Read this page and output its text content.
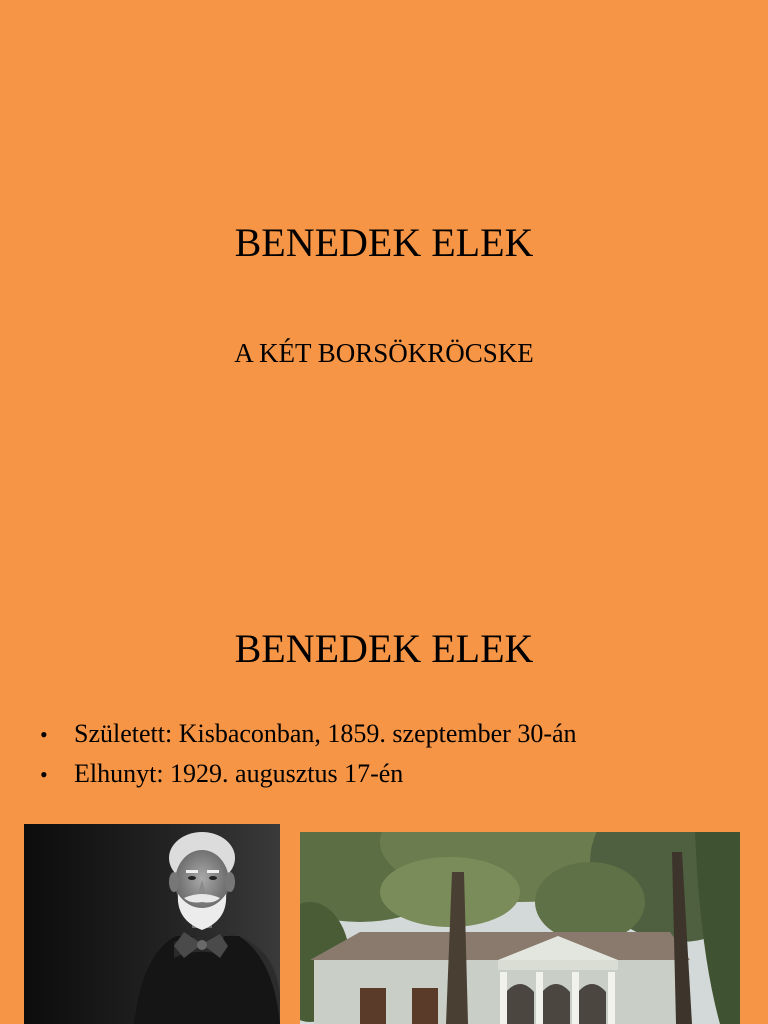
BENEDEK ELEK
A KÉT BORSÖKRÖCSKE
BENEDEK ELEK
• Született: Kisbaconban, 1859. szeptember 30-án
• Elhunyt: 1929. augusztus 17-én
